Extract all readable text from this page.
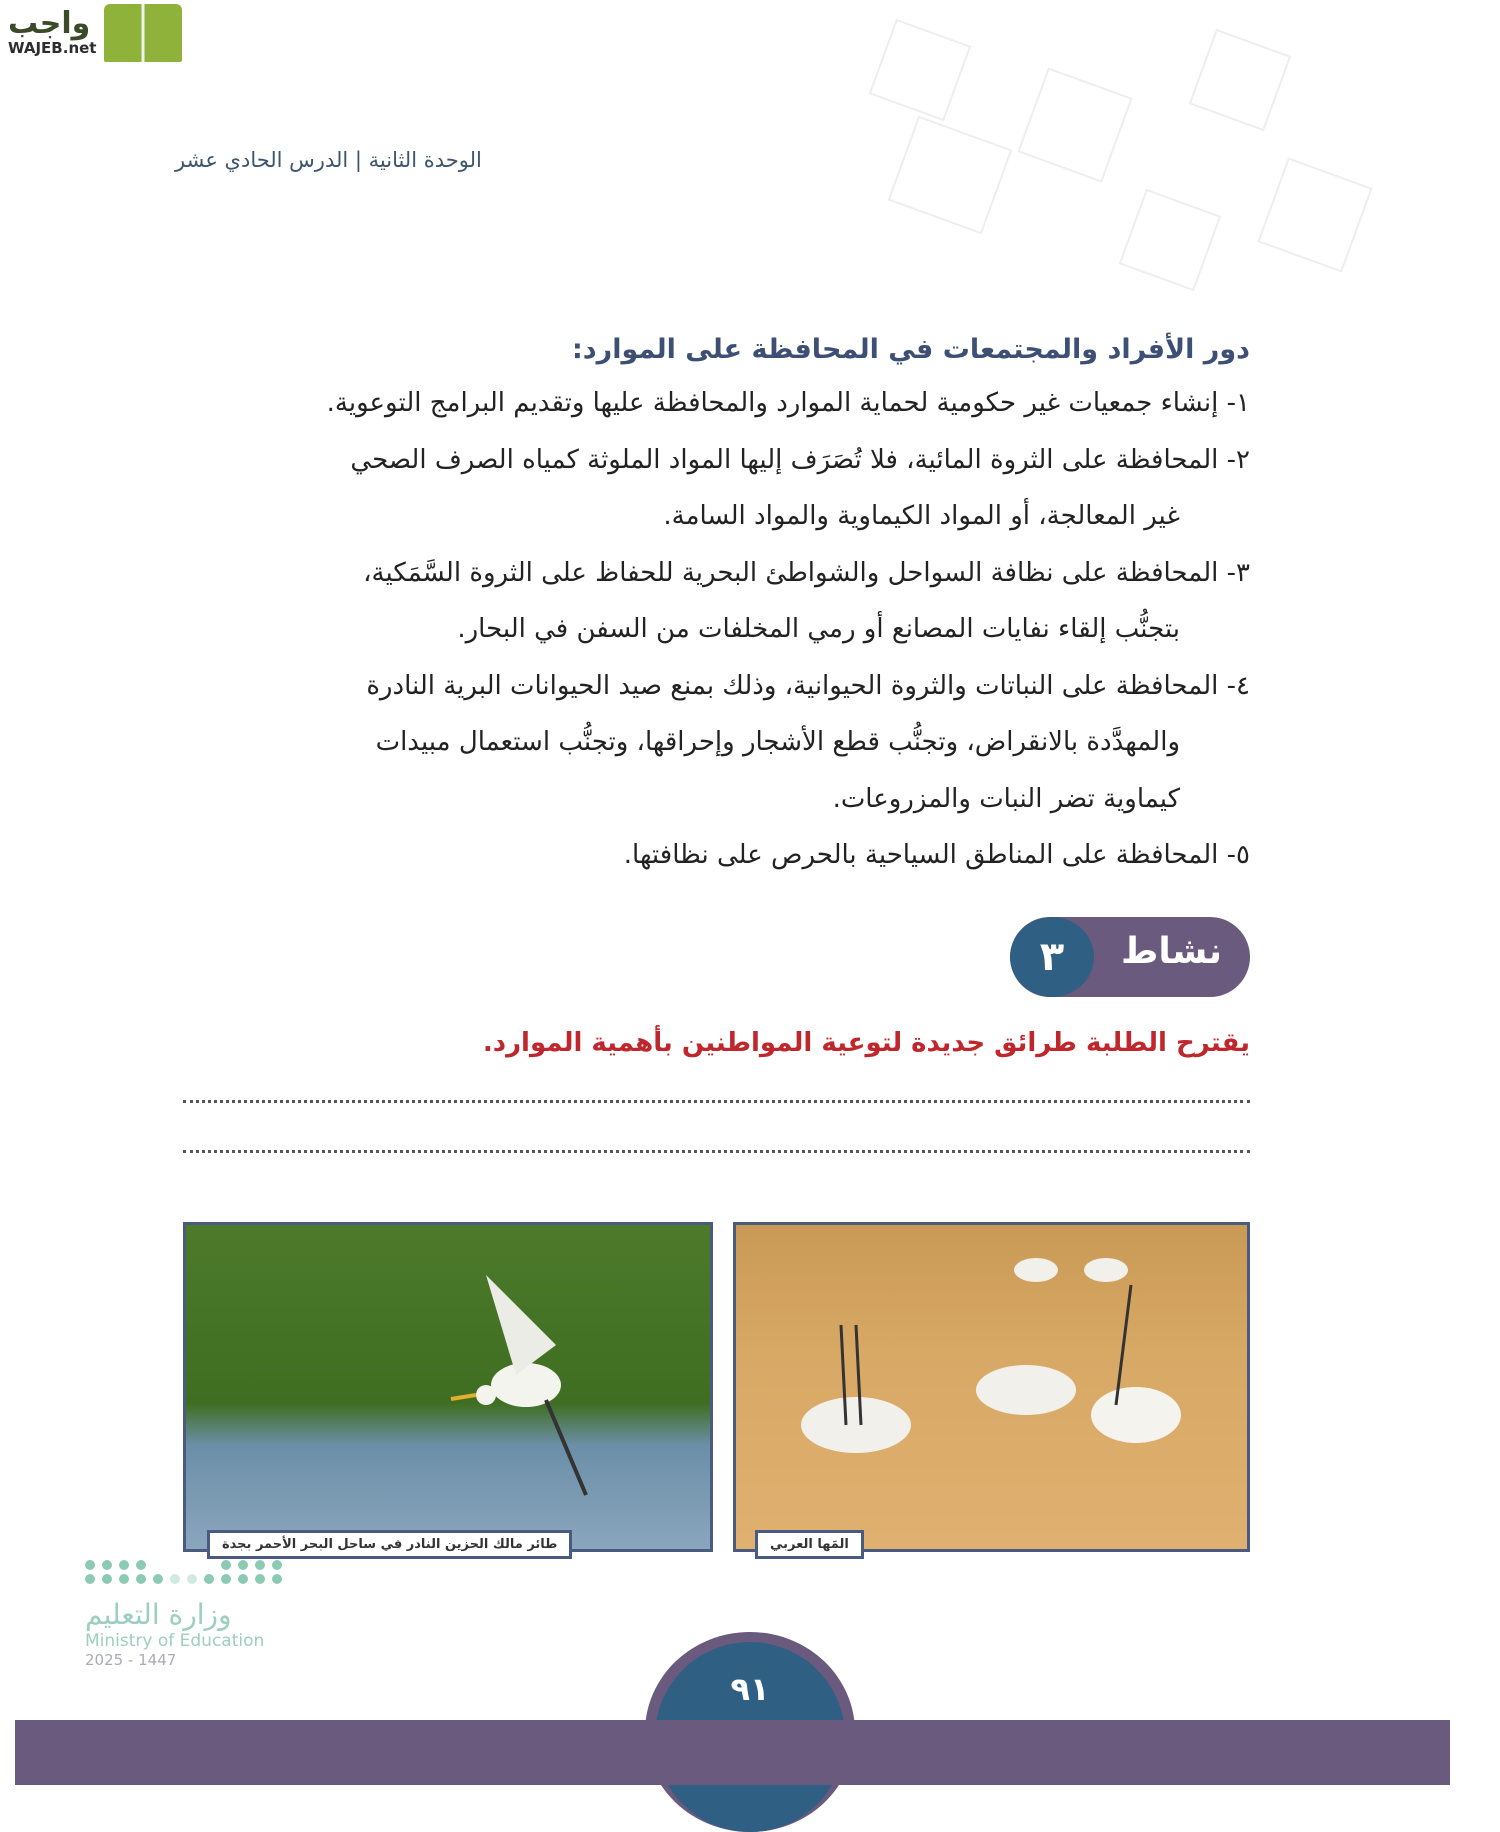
واجب
WAJEB.net
الوحدة الثانية | الدرس الحادي عشر
دور الأفراد والمجتمعات في المحافظة على الموارد:

١- إنشاء جمعيات غير حكومية لحماية الموارد والمحافظة عليها وتقديم البرامج التوعوية.

٢- المحافظة على الثروة المائية، فلا تُصَرَف إليها المواد الملوثة كمياه الصرف الصحي

غير المعالجة، أو المواد الكيماوية والمواد السامة.

٣- المحافظة على نظافة السواحل والشواطئ البحرية للحفاظ على الثروة السَّمَكية،

بتجنُّب إلقاء نفايات المصانع أو رمي المخلفات من السفن في البحار.

٤- المحافظة على النباتات والثروة الحيوانية، وذلك بمنع صيد الحيوانات البرية النادرة

والمهدَّدة بالانقراض، وتجنُّب قطع الأشجار وإحراقها، وتجنُّب استعمال مبيدات

كيماوية تضر النبات والمزروعات.

٥- المحافظة على المناطق السياحية بالحرص على نظافتها.

نشاط
٣
يقترح الطلبة طرائق جديدة لتوعية المواطنين بأهمية الموارد.
طائر مالك الحزين النادر في ساحل البحر الأحمر بجدة	المَها العربي
وزارة التعليم
Ministry of Education
2025 - 1447
٩١
